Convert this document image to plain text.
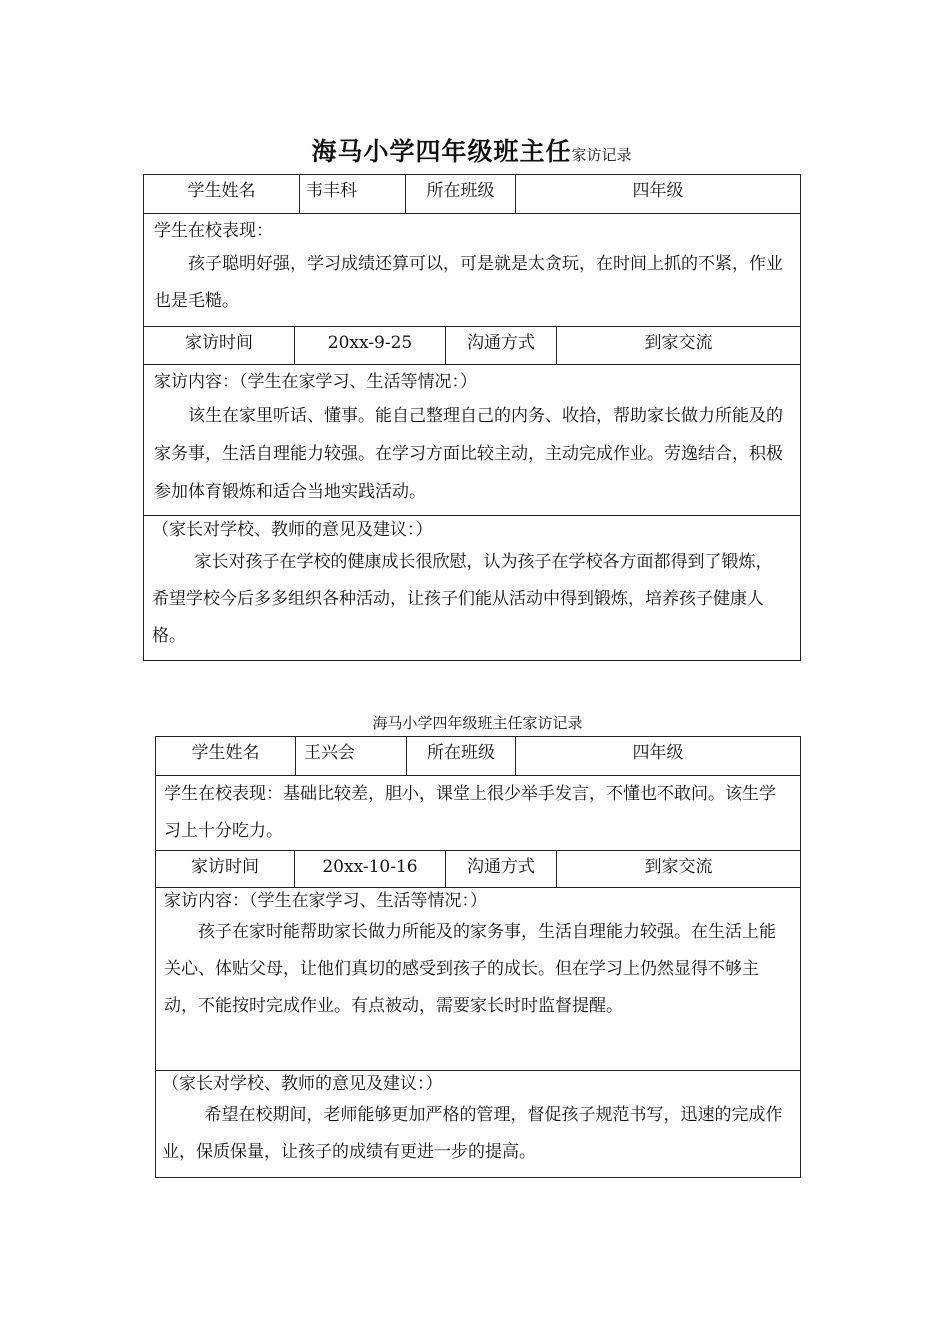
海马小学四年级班主任家访记录
学生姓名	韦丰科	所在班级	四年级
学生在校表现：
孩子聪明好强，学习成绩还算可以，可是就是太贪玩，在时间上抓的不紧，作业也是毛糙。
家访时间	20xx-9-25	沟通方式	到家交流
家访内容：（学生在家学习、生活等情况：）
该生在家里听话、懂事。能自己整理自己的内务、收拾，帮助家长做力所能及的家务事，生活自理能力较强。在学习方面比较主动，主动完成作业。劳逸结合，积极参加体育锻炼和适合当地实践活动。
（家长对学校、教师的意见及建议：）
家长对孩子在学校的健康成长很欣慰，认为孩子在学校各方面都得到了锻炼，希望学校今后多多组织各种活动，让孩子们能从活动中得到锻炼，培养孩子健康人格。
海马小学四年级班主任家访记录
学生姓名	王兴会	所在班级	四年级
学生在校表现：基础比较差，胆小，课堂上很少举手发言，不懂也不敢问。该生学习上十分吃力。
家访时间	20xx-10-16	沟通方式	到家交流
家访内容：（学生在家学习、生活等情况：）
孩子在家时能帮助家长做力所能及的家务事，生活自理能力较强。在生活上能关心、体贴父母，让他们真切的感受到孩子的成长。但在学习上仍然显得不够主动，不能按时完成作业。有点被动，需要家长时时监督提醒。
（家长对学校、教师的意见及建议：）
希望在校期间，老师能够更加严格的管理，督促孩子规范书写，迅速的完成作业，保质保量，让孩子的成绩有更进一步的提高。
